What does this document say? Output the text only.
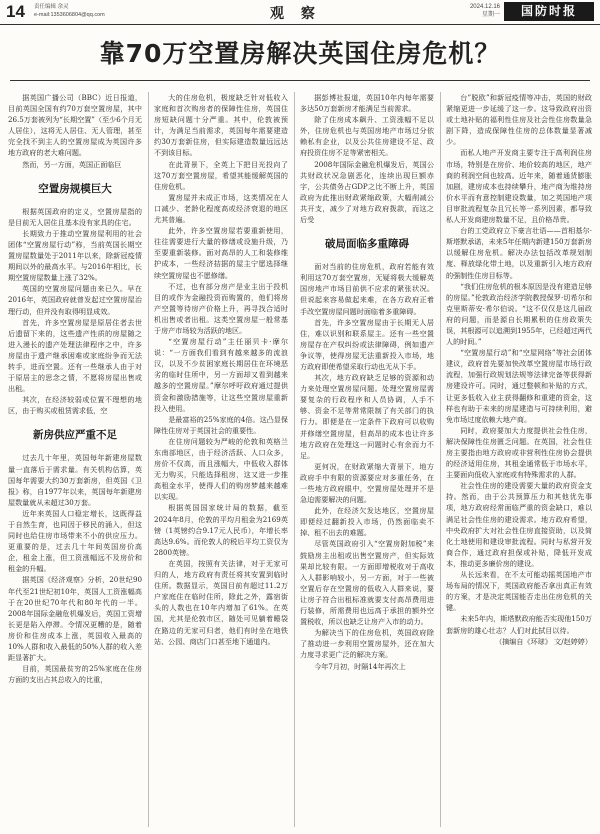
14 责任编辑 余灵
e-mail:1353606804@qq.com	观 察	2024.12.16
星期一	国防时报
靠70万空置房解决英国住房危机？

据英国广播公司（BBC）近日报道，目前英国全国有约70万套空置房屋，其中26.5万套被列为“长期空置”（至少6个月无人居住），这将无人居住、无人管理，甚至完全找不到主人的空置房屋成为英国许多地方政府的老大难问题。

然而，另一方面，英国正面临巨

空置房规模巨大

根据英国政府的定义，空置房屋指的是目前无人居住且基本没有家具的住宅。

长期致力于推动空置房屋利用的社会团体“空置房屋行动”称，当前英国长期空置房屋数量处于2011年以来，除新冠疫情期间以外的最高水平。与2016年相比，长期空置房屋数量上涨了32%。

英国的空置房屋问题由来已久。早在2016年，英国政府就曾发起过空置房屋治理行动，但并没有取得明显成效。

首先，许多空置房屋是原居住者去世后遗留下来的，这些遗产性质的房屋随之进入漫长的遗产处理法律程序之中，许多房屋由于遗产继承困难或家庭纷争而无法转手，进而空置。还有一些继承人由于对于原居主的思念之情，不愿将房屋出售或出租。

其次，在经济较弱或位置不理想的地区，由于购买或租赁需求低，空

新房供应严重不足

过去几十年里，英国每年新建房屋数量一直落后于需求量。有关机构估算，英国每年需要大约30万套新房，但英国《卫报》称，自1977年以来，英国每年新建房屋数量就从未超过30万套。

近年来英国人口稳定增长，这既得益于自然生育，也同因于移民的涌入，但这同时也给住房市场带来不小的供应压力。更重要的是，过去几十年间英国房价高企，租金上涨，但工资涨幅远不及房价和租金的升幅。

据英国《经济观察》分析，20世纪90年代至21世纪初10年，英国人工资涨幅高于在20世纪70年代和80年代的一半。2008年国际金融危机爆发后，英国工资增长更是陷入停滞。令情况更糟的是，随着房价和住房成本上涨，英国收入最高的10%人群和收入最低的50%人群的收入差距显著扩大。

目前，英国最贫穷的25%家庭在住房方面的支出占其总收入的比重，

大的住房危机，极度缺乏针对低收入家庭和首次购房者的保障性住房，英国住房短缺问题十分严重。其中，伦敦被预计，为满足当前需求，英国每年需要建造约30万套新住房，但实际建造数量远远达不到该目标。

在此背景下，全英上下把目光投向了这70万套空置房屋，希望其能缓解英国的住房危机。

置房屋并未成正市场，这类情况在人口减少、老龄化程度高或经济衰退的地区尤其普遍。

此外，许多空置房屋若要重新使用，往往需要进行大量的修缮或设施升级，乃至要重新装修。面对高昂的人工和装修维护成本，一些经济拮据的屋主宁愿选择继续空置房屋也不愿修缮。

不过，也有部分房产是业主出于投机目的或作为金融投资而购置的，他们将房产空置等待房产价格上升，再寻找合适时机出售或者出租。这类空置房屋一般常基于房产市场较为活跃的地区。

“空置房屋行动”主任丽贝卡·摩尔说：“一方面我们看到有越来越多的流浪汉，以及不少贫困家庭长期居住在环境恶劣的临时住所中，另一方面却又看到越来越多的空置房屋。”摩尔呼吁政府通过提供资金和激励措施等，让这些空置房屋重新投入使用。

是最富裕的25%家庭的4倍。这凸显保障性住房对于英国社会的重要性。

在住房问题较为严峻的伦敦和英格兰东南部地区，由于经济活跃、人口众多，房价不仅高，而且涨幅大，中低收入群体无力购买，只能选择租房，这又进一步推高租金水平，使得人们的购房梦越来越难以实现。

根据英国国家统计局的数据，截至2024年8月，伦敦的平均月租金为2169英镑（1英镑约合9.17元人民币），年增长率高达9.6%。而伦敦人的税后平均工资仅为2800英镑。

在英国，按照有关法律，对于无家可归的人，地方政府有责任将其安置到临时住所。数据显示，英国目前有超过11.2万户家庭住在临时住所，除此之外，露宿街头的人数也在10年内增加了61%。在英国，尤其是伦敦市区，随处可见躺着睡袋在路边的无家可归者，他们有时坐在地铁站、公园、商店门口甚至地下通道内。

据彭博社报道，英国10年内每年需要多达50万套新房才能满足当前需求。

除了住房成本飙升、工资涨幅不足以外，住房危机也与英国房地产市场过分依赖私有企业，以及公共住房建设不足、政府投资住房不足等紧密相关。

2008年国际金融危机爆发后，英国公共财政状况急剧恶化，连续出现巨额赤字，公共债务占GDP之比不断上升，英国政府为此推出财政紧缩政策，大幅削减公共开支，减少了对地方政府拨款，而这之后受

破局面临多重障碍

面对当前的住房危机，政府若能有效利用这70万套空置房，无疑将极大缓解英国房地产市场目前供不应求的紧张状况。但说起来容易做起来难，在各方政府正着手改空置房屋问题时面临着多重障碍。

首先，许多空置房屋由于长期无人居住，难以识别和联系屋主。还有一些空置房屋存在产权纠纷或法律障碍，例如遗产争议等，使得房屋无法重新投入市场，地方政府即使希望采取行动也无从下手。

其次，地方政府缺乏足够的资源和动力来处理空置房屋问题。处理空置房屋需要复杂的行政程序和人员协调，人手不够、资金不足等常常限制了有关部门的执行力。即便是在一定条件下政府可以收购并修缮空置房屋，但高昂的成本也让许多地方政府在处理这一问题时心有余而力不足。

更何况，在财政紧缩大背景下，地方政府手中有限的资源要应对多重任务，在一些地方政府眼中，空置房屋处理并不是急迫需要解决的问题。

此外，在经济欠发达地区，空置房屋即便经过翻新投入市场，仍然面临卖不掉、租不出去的难题。

尽管英国政府引入“空置房附加税”来鼓励房主出租或出售空置房产，但实际效果却比较有限。一方面即增税收对于高收入人群影响较小，另一方面，对于一些被空置后存在空置房的低收入人群来说，要让房子符合出租标准就要支付高昂费用进行装修，所需费用也远高于承担的额外空置税收，所以也缺乏让房产入市的动力。

为解决当下的住房危机，英国政府除了推动进一步利用空置房屋外，还在加大力度寻求更广泛的解决方案。

今年7月初，时隔14年再次上

台”脱欧”和新冠疫情等冲击，英国的财政紧缩更进一步延缓了这一步。这导致政府出资或土地补贴的福利性住房及社会性住房数量急剧下降，造成保障性住房的总体数量显著减少。

而私人地产开发商主要专注于高利润住房市场，特别是在房价、地价较高的地区，地产商的利润空间也较高。近年来，随着通货膨胀加剧，建房成本也持续攀升，地产商为维持房价水平而有意控制建设数量，加之英国地产项目审批流程复杂且冗长等一系列因素，都导致私人开发商建房数量不足，且价格昂贵。

台的工党政府立下豪言壮语——首相基尔·斯塔默承诺，未来5年任期内新建150万套新房以缓解住房危机。解决办法包括改革规划制度、释放绿化带土地，以及重新引入地方政府的强制性住房目标等。

“我们住房危机的根本原因是没有建造足够的房屋。”伦敦政治经济学院教授保罗·切希尔和克里斯蒂安·希尔伯说。“这不仅仅是这几届政府的问题，而是源自长期累积的住房政策失误，其根源可以追溯到1955年，已经超过两代人的时间。”

“空置房屋行动”和“空屋网络”等社会团体建议，政府首先要加快改革空置房屋市场行政流程，加强行政规划法规等法律完备等获得新房建设许可。同时，通过整顿和补贴的方式，让更多低收入业主获得翻修和重建的资金，这样也有助于未来的房屋建造与可持续利用，避免市场过度依赖大地产商。

同时，政府要加大力度提供社会性住房，解决保障性住房匮乏问题。在英国，社会性住房主要指由地方政府或非营利性住房协会提供的经济适用住房，其租金通常低于市场水平，主要面向低收入家庭或有特殊需求的人群。

社会性住房的建设需要大量的政府资金支持。然而，由于公共预算压力和其他优先事项，地方政府经常面临严重的资金缺口，难以满足社会性住房的建设需求。地方政府希望，中央政府扩大对社会性住房直接资助，以及简化土地使用和建设审批流程。同时与私营开发商合作，通过政府担保或补贴，降低开发成本，推动更多廉价房的建设。

从长远来看，在不太可能动摇英国地产市场布局的情况下，英国政府能否拿出真正有效的方案，才是决定英国能否走出住房危机的关键。

未来5年内，斯塔默政府能否实现他150万套新房的雄心壮志？人们对此拭目以待。

（摘编自《环球》 文/赵婷婷）
